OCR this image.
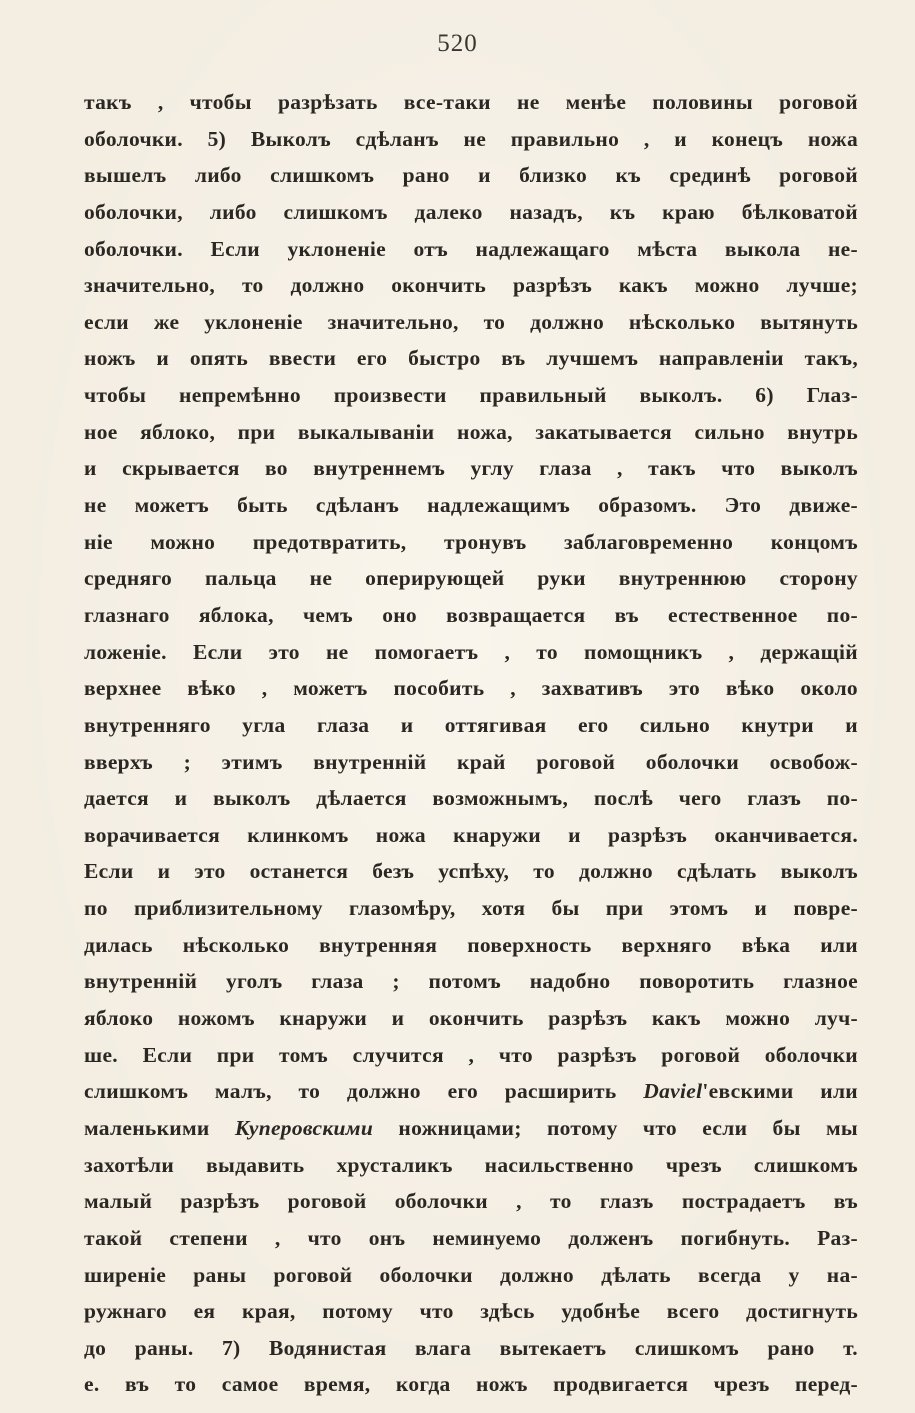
520
такъ , чтобы разрѣзать все-таки не менѣе половины роговой
оболочки. 5) Выколъ сдѣланъ не правильно , и конецъ ножа
вышелъ либо слишкомъ рано и близко къ срединѣ роговой
оболочки, либо слишкомъ далеко назадъ, къ краю бѣлковатой
оболочки. Если уклоненіе отъ надлежащаго мѣста выкола не-
значительно, то должно окончить разрѣзъ какъ можно лучше;
если же уклоненіе значительно, то должно нѣсколько вытянуть
ножъ и опять ввести его быстро въ лучшемъ направленіи такъ,
чтобы непремѣнно произвести правильный выколъ. 6) Глаз-
ное яблоко, при выкалываніи ножа, закатывается сильно внутрь
и скрывается во внутреннемъ углу глаза , такъ что выколъ
не можетъ быть сдѣланъ надлежащимъ образомъ. Это движе-
ніе можно предотвратить, тронувъ заблаговременно концомъ
средняго пальца не оперирующей руки внутреннюю сторону
глазнаго яблока, чемъ оно возвращается въ естественное по-
ложеніе. Если это не помогаетъ , то помощникъ , держащій
верхнее вѣко , можетъ пособить , захвативъ это вѣко около
внутренняго угла глаза и оттягивая его сильно кнутри и
вверхъ ; этимъ внутренній край роговой оболочки освобож-
дается и выколъ дѣлается возможнымъ, послѣ чего глазъ по-
ворачивается клинкомъ ножа кнаружи и разрѣзъ оканчивается.
Если и это останется безъ успѣху, то должно сдѣлать выколъ
по приблизительному глазомѣру, хотя бы при этомъ и повре-
дилась нѣсколько внутренняя поверхность верхняго вѣка или
внутренній уголъ глаза ; потомъ надобно поворотить глазное
яблоко ножомъ кнаружи и окончить разрѣзъ какъ можно луч-
ше. Если при томъ случится , что разрѣзъ роговой оболочки
слишкомъ малъ, то должно его расширить Daviel'евскими или
маленькими Куперовскими ножницами; потому что если бы мы
захотѣли выдавить хрусталикъ насильственно чрезъ слишкомъ
малый разрѣзъ роговой оболочки , то глазъ пострадаетъ въ
такой степени , что онъ неминуемо долженъ погибнуть. Раз-
ширеніе раны роговой оболочки должно дѣлать всегда у на-
ружнаго ея края, потому что здѣсь удобнѣе всего достигнуть
до раны. 7) Водянистая влага вытекаетъ слишкомъ рано т.
е. въ то самое время, когда ножъ продвигается чрезъ перед-
